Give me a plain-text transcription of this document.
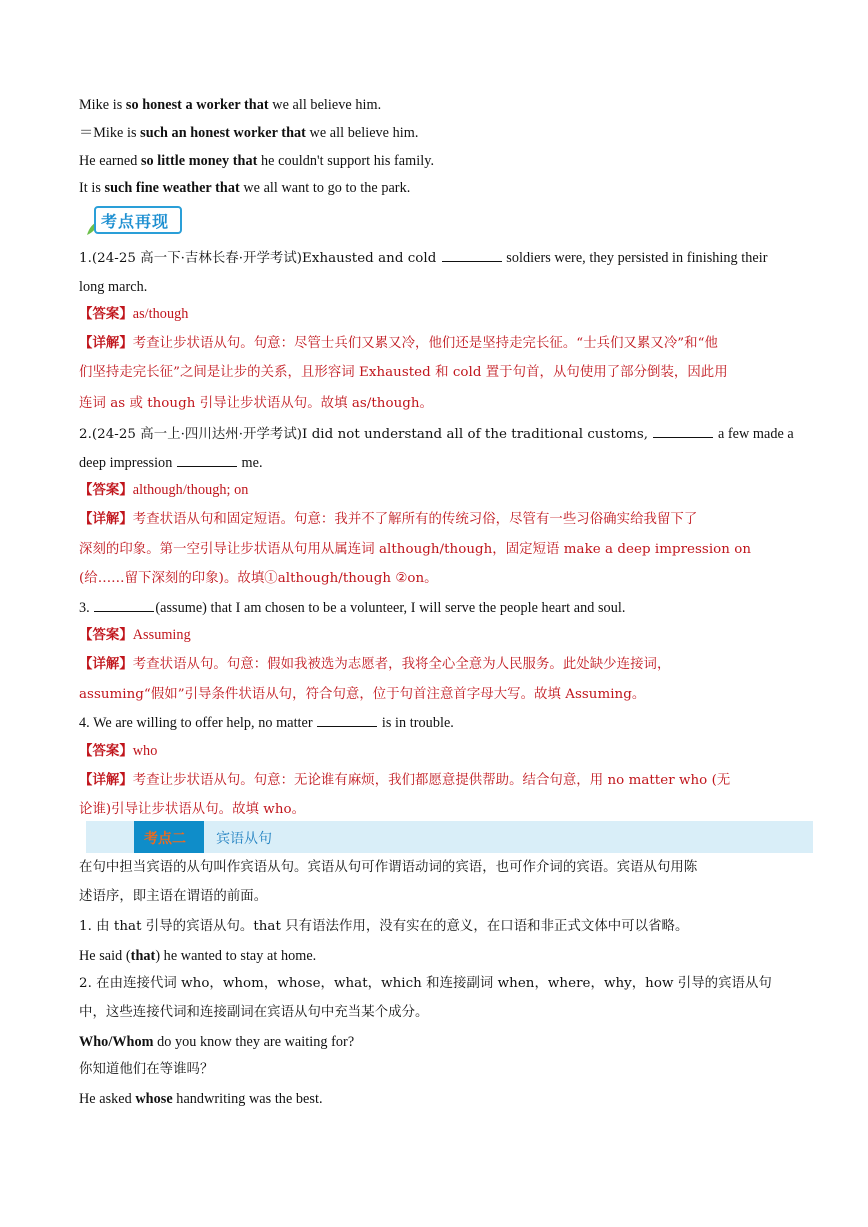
Mike is so honest a worker that we all believe him.
＝Mike is such an honest worker that we all believe him.
He earned so little money that he couldn't support his family.
It is such fine weather that we all want to go to the park.
考点再现
1.(24-25 高一下·吉林长春·开学考试)Exhausted and cold	soldiers were, they persisted in finishing their
long march.
【答案】as/though
【详解】考查让步状语从句。句意：尽管士兵们又累又冷，他们还是坚持走完长征。“士兵们又累又冷”和“他
们坚持走完长征”之间是让步的关系，且形容词 Exhausted 和 cold 置于句首，从句使用了部分倒装，因此用
连词 as 或 though 引导让步状语从句。故填 as/though。
2.(24-25 高一上·四川达州·开学考试)I did not understand all of the traditional customs,	a few made a
deep impression	me.
【答案】although/though; on
【详解】考查状语从句和固定短语。句意：我并不了解所有的传统习俗，尽管有一些习俗确实给我留下了
深刻的印象。第一空引导让步状语从句用从属连词 although/though，固定短语 make a deep impression on
(给……留下深刻的印象)。故填①although/though ②on。
3.	(assume) that I am chosen to be a volunteer, I will serve the people heart and soul.
【答案】Assuming
【详解】考查状语从句。句意：假如我被选为志愿者，我将全心全意为人民服务。此处缺少连接词，
assuming“假如”引导条件状语从句，符合句意，位于句首注意首字母大写。故填 Assuming。
4. We are willing to offer help, no matter	is in trouble.
【答案】who
【详解】考查让步状语从句。句意：无论谁有麻烦，我们都愿意提供帮助。结合句意，用 no matter who (无
论谁)引导让步状语从句。故填 who。
考点二 宾语从句
在句中担当宾语的从句叫作宾语从句。宾语从句可作谓语动词的宾语，也可作介词的宾语。宾语从句用陈
述语序，即主语在谓语的前面。
1. 由 that 引导的宾语从句。that 只有语法作用，没有实在的意义，在口语和非正式文体中可以省略。
He said (that) he wanted to stay at home.
2. 在由连接代词 who，whom，whose，what，which 和连接副词 when，where，why，how 引导的宾语从句
中，这些连接代词和连接副词在宾语从句中充当某个成分。
Who/Whom do you know they are waiting for?
你知道他们在等谁吗？
He asked whose handwriting was the best.
